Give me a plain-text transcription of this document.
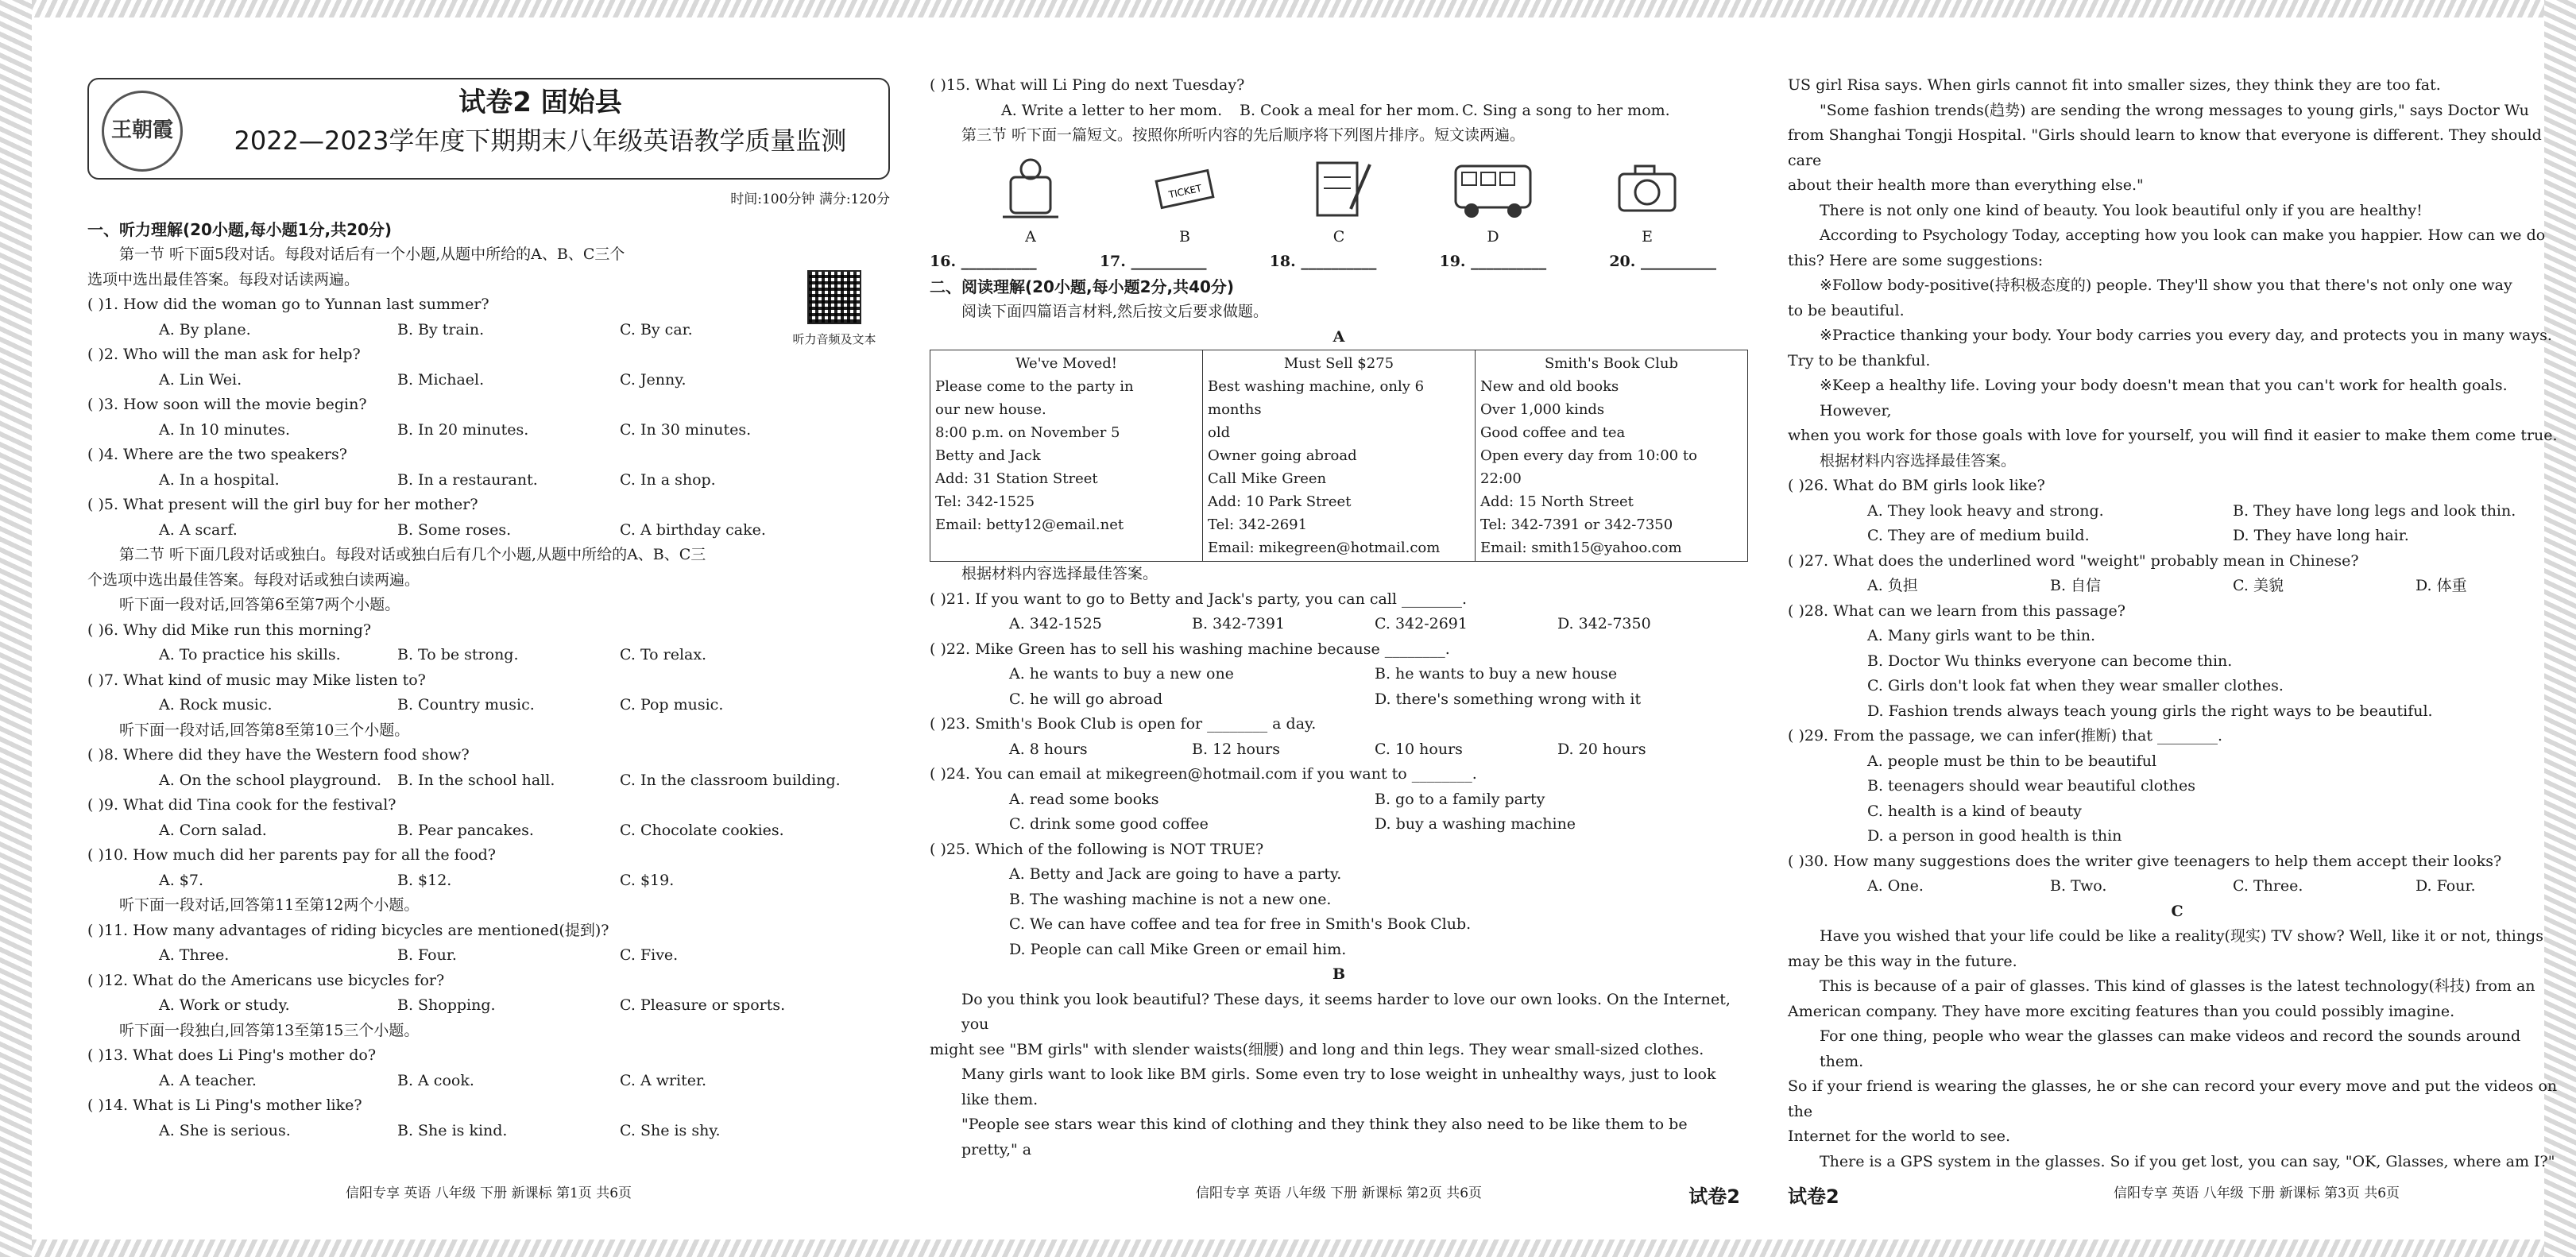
王朝霞
试卷2 固始县
2022—2023学年度下期期末八年级英语教学质量监测
时间:100分钟 满分:120分
听力音频及文本

一、听力理解(20小题,每小题1分,共20分)

第一节 听下面5段对话。每段对话后有一个小题,从题中所给的A、B、C三个

选项中选出最佳答案。每段对话读两遍。

( )1. How did the woman go to Yunnan last summer?

A. By plane.	B. By train.	C. By car.

( )2. Who will the man ask for help?

A. Lin Wei.	B. Michael.	C. Jenny.

( )3. How soon will the movie begin?

A. In 10 minutes.	B. In 20 minutes.	C. In 30 minutes.

( )4. Where are the two speakers?

A. In a hospital.	B. In a restaurant.	C. In a shop.

( )5. What present will the girl buy for her mother?

A. A scarf.	B. Some roses.	C. A birthday cake.

第二节 听下面几段对话或独白。每段对话或独白后有几个小题,从题中所给的A、B、C三

个选项中选出最佳答案。每段对话或独白读两遍。

听下面一段对话,回答第6至第7两个小题。

( )6. Why did Mike run this morning?

A. To practice his skills.	B. To be strong.	C. To relax.

( )7. What kind of music may Mike listen to?

A. Rock music.	B. Country music.	C. Pop music.

听下面一段对话,回答第8至第10三个小题。

( )8. Where did they have the Western food show?

A. On the school playground.	B. In the school hall.	C. In the classroom building.

( )9. What did Tina cook for the festival?

A. Corn salad.	B. Pear pancakes.	C. Chocolate cookies.

( )10. How much did her parents pay for all the food?

A. $7.	B. $12.	C. $19.

听下面一段对话,回答第11至第12两个小题。

( )11. How many advantages of riding bicycles are mentioned(提到)?

A. Three.	B. Four.	C. Five.

( )12. What do the Americans use bicycles for?

A. Work or study.	B. Shopping.	C. Pleasure or sports.

听下面一段独白,回答第13至第15三个小题。

( )13. What does Li Ping's mother do?

A. A teacher.	B. A cook.	C. A writer.

( )14. What is Li Ping's mother like?

A. She is serious.	B. She is kind.	C. She is shy.
信阳专享 英语 八年级 下册 新课标 第1页 共6页

( )15. What will Li Ping do next Tuesday?

A. Write a letter to her mom.	B. Cook a meal for her mom. C. Sing a song to her mom.

第三节 听下面一篇短文。按照你所听内容的先后顺序将下列图片排序。短文读两遍。

A
TICKET
B	C	D	E
16. __________	17. __________	18. __________	19. __________	20. __________

二、阅读理解(20小题,每小题2分,共40分)

阅读下面四篇语言材料,然后按文后要求做题。

A

We've Moved!
Please come to the party in
our new house.
8:00 p.m. on November 5
Betty and Jack
Add: 31 Station Street
Tel: 342-1525
Email: betty12@email.net

Must Sell $275
Best washing machine, only 6 months
old
Owner going abroad
Call Mike Green
Add: 10 Park Street
Tel: 342-2691
Email: mikegreen@hotmail.com

Smith's Book Club
New and old books
Over 1,000 kinds
Good coffee and tea
Open every day from 10:00 to 22:00
Add: 15 North Street
Tel: 342-7391 or 342-7350
Email: smith15@yahoo.com

根据材料内容选择最佳答案。

( )21. If you want to go to Betty and Jack's party, you can call ________.

A. 342-1525	B. 342-7391	C. 342-2691	D. 342-7350

( )22. Mike Green has to sell his washing machine because ________.

A. he wants to buy a new one	B. he wants to buy a new house
C. he will go abroad	D. there's something wrong with it

( )23. Smith's Book Club is open for ________ a day.

A. 8 hours	B. 12 hours	C. 10 hours	D. 20 hours

( )24. You can email at mikegreen@hotmail.com if you want to ________.

A. read some books	B. go to a family party
C. drink some good coffee	D. buy a washing machine

( )25. Which of the following is NOT TRUE?

A. Betty and Jack are going to have a party.

B. The washing machine is not a new one.

C. We can have coffee and tea for free in Smith's Book Club.

D. People can call Mike Green or email him.

B

Do you think you look beautiful? These days, it seems harder to love our own looks. On the Internet, you

might see "BM girls" with slender waists(细腰) and long and thin legs. They wear small-sized clothes.

Many girls want to look like BM girls. Some even try to lose weight in unhealthy ways, just to look like them.

"People see stars wear this kind of clothing and they think they also need to be like them to be pretty," a

信阳专享 英语 八年级 下册 新课标 第2页 共6页	试卷2

US girl Risa says. When girls cannot fit into smaller sizes, they think they are too fat.

"Some fashion trends(趋势) are sending the wrong messages to young girls," says Doctor Wu

from Shanghai Tongji Hospital. "Girls should learn to know that everyone is different. They should care

about their health more than everything else."

There is not only one kind of beauty. You look beautiful only if you are healthy!

According to Psychology Today, accepting how you look can make you happier. How can we do

this? Here are some suggestions:

※Follow body-positive(持积极态度的) people. They'll show you that there's not only one way

to be beautiful.

※Practice thanking your body. Your body carries you every day, and protects you in many ways.

Try to be thankful.

※Keep a healthy life. Loving your body doesn't mean that you can't work for health goals. However,

when you work for those goals with love for yourself, you will find it easier to make them come true.

根据材料内容选择最佳答案。

( )26. What do BM girls look like?

A. They look heavy and strong.	B. They have long legs and look thin.
C. They are of medium build.	D. They have long hair.

( )27. What does the underlined word "weight" probably mean in Chinese?

A. 负担	B. 自信	C. 美貌	D. 体重

( )28. What can we learn from this passage?

A. Many girls want to be thin.

B. Doctor Wu thinks everyone can become thin.

C. Girls don't look fat when they wear smaller clothes.

D. Fashion trends always teach young girls the right ways to be beautiful.

( )29. From the passage, we can infer(推断) that ________.

A. people must be thin to be beautiful

B. teenagers should wear beautiful clothes

C. health is a kind of beauty

D. a person in good health is thin

( )30. How many suggestions does the writer give teenagers to help them accept their looks?

A. One.	B. Two.	C. Three.	D. Four.

C

Have you wished that your life could be like a reality(现实) TV show? Well, like it or not, things

may be this way in the future.

This is because of a pair of glasses. This kind of glasses is the latest technology(科技) from an

American company. They have more exciting features than you could possibly imagine.

For one thing, people who wear the glasses can make videos and record the sounds around them.

So if your friend is wearing the glasses, he or she can record your every move and put the videos on the

Internet for the world to see.

There is a GPS system in the glasses. So if you get lost, you can say, "OK, Glasses, where am I?"

试卷2	信阳专享 英语 八年级 下册 新课标 第3页 共6页
